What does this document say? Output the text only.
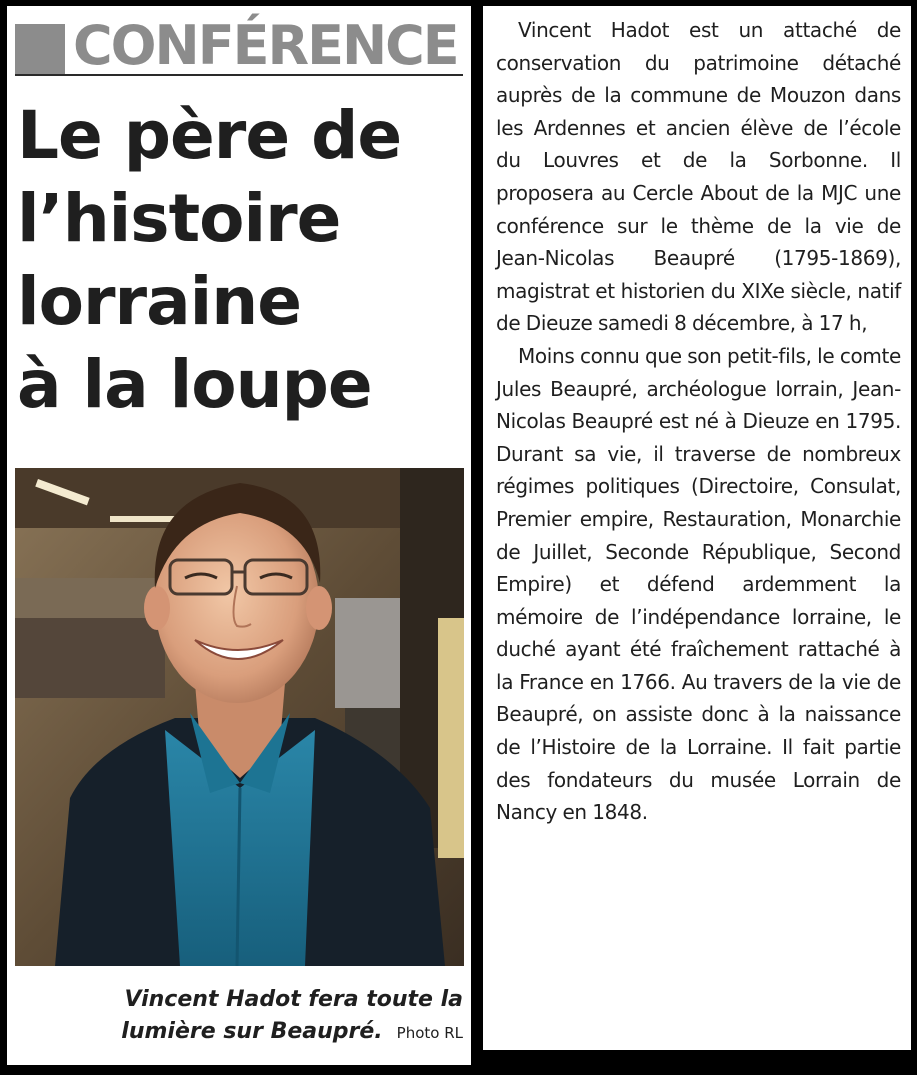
CONFÉRENCE
Le père de
l’histoire
lorraine
à la loupe
Vincent Hadot fera toute la
lumière sur Beaupré. Photo RL

Vincent Hadot est un attaché de conservation du patrimoine détaché auprès de la commune de Mouzon dans les Ardennes et ancien élève de l’école du Louvres et de la Sorbonne. Il proposera au Cercle About de la MJC une conférence sur le thème de la vie de Jean-Nicolas Beaupré (1795-1869), magistrat et historien du XIXe siècle, natif de Dieuze samedi 8 décembre, à 17 h,

Moins connu que son petit-fils, le comte Jules Beaupré, archéologue lorrain, Jean-Nicolas Beaupré est né à Dieuze en 1795. Durant sa vie, il traverse de nombreux régimes politiques (Directoire, Consulat, Premier empire, Restauration, Monarchie de Juillet, Seconde République, Second Empire) et défend ardemment la mémoire de l’indépendance lorraine, le duché ayant été fraîchement rattaché à la France en 1766. Au travers de la vie de Beaupré, on assiste donc à la naissance de l’Histoire de la Lorraine. Il fait partie des fondateurs du musée Lorrain de Nancy en 1848.
